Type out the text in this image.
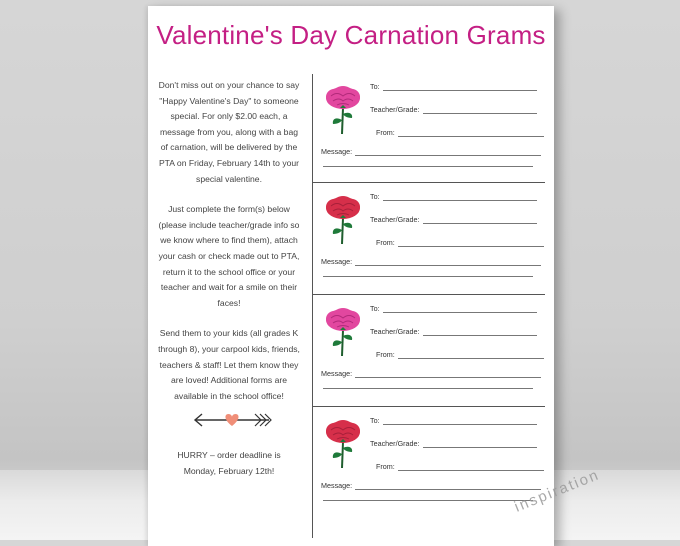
Valentine's Day Carnation Grams

Don't miss out on your chance to say "Happy Valentine's Day" to someone special. For only $2.00 each, a message from you, along with a bag of carnation, will be delivered by the PTA on Friday, February 14th to your special valentine.

Just complete the form(s) below (please include teacher/grade info so we know where to find them), attach your cash or check made out to PTA, return it to the school office or your teacher and wait for a smile on their faces!

Send them to your kids (all grades K through 8), your carpool kids, friends, teachers & staff! Let them know they are loved! Additional forms are available in the school office!

HURRY – order deadline is
Monday, February 12th!
To:
Teacher/Grade:
From:
Message:
To:
Teacher/Grade:
From:
Message:
To:
Teacher/Grade:
From:
Message:
To:
Teacher/Grade:
From:
Message:	inspiration
